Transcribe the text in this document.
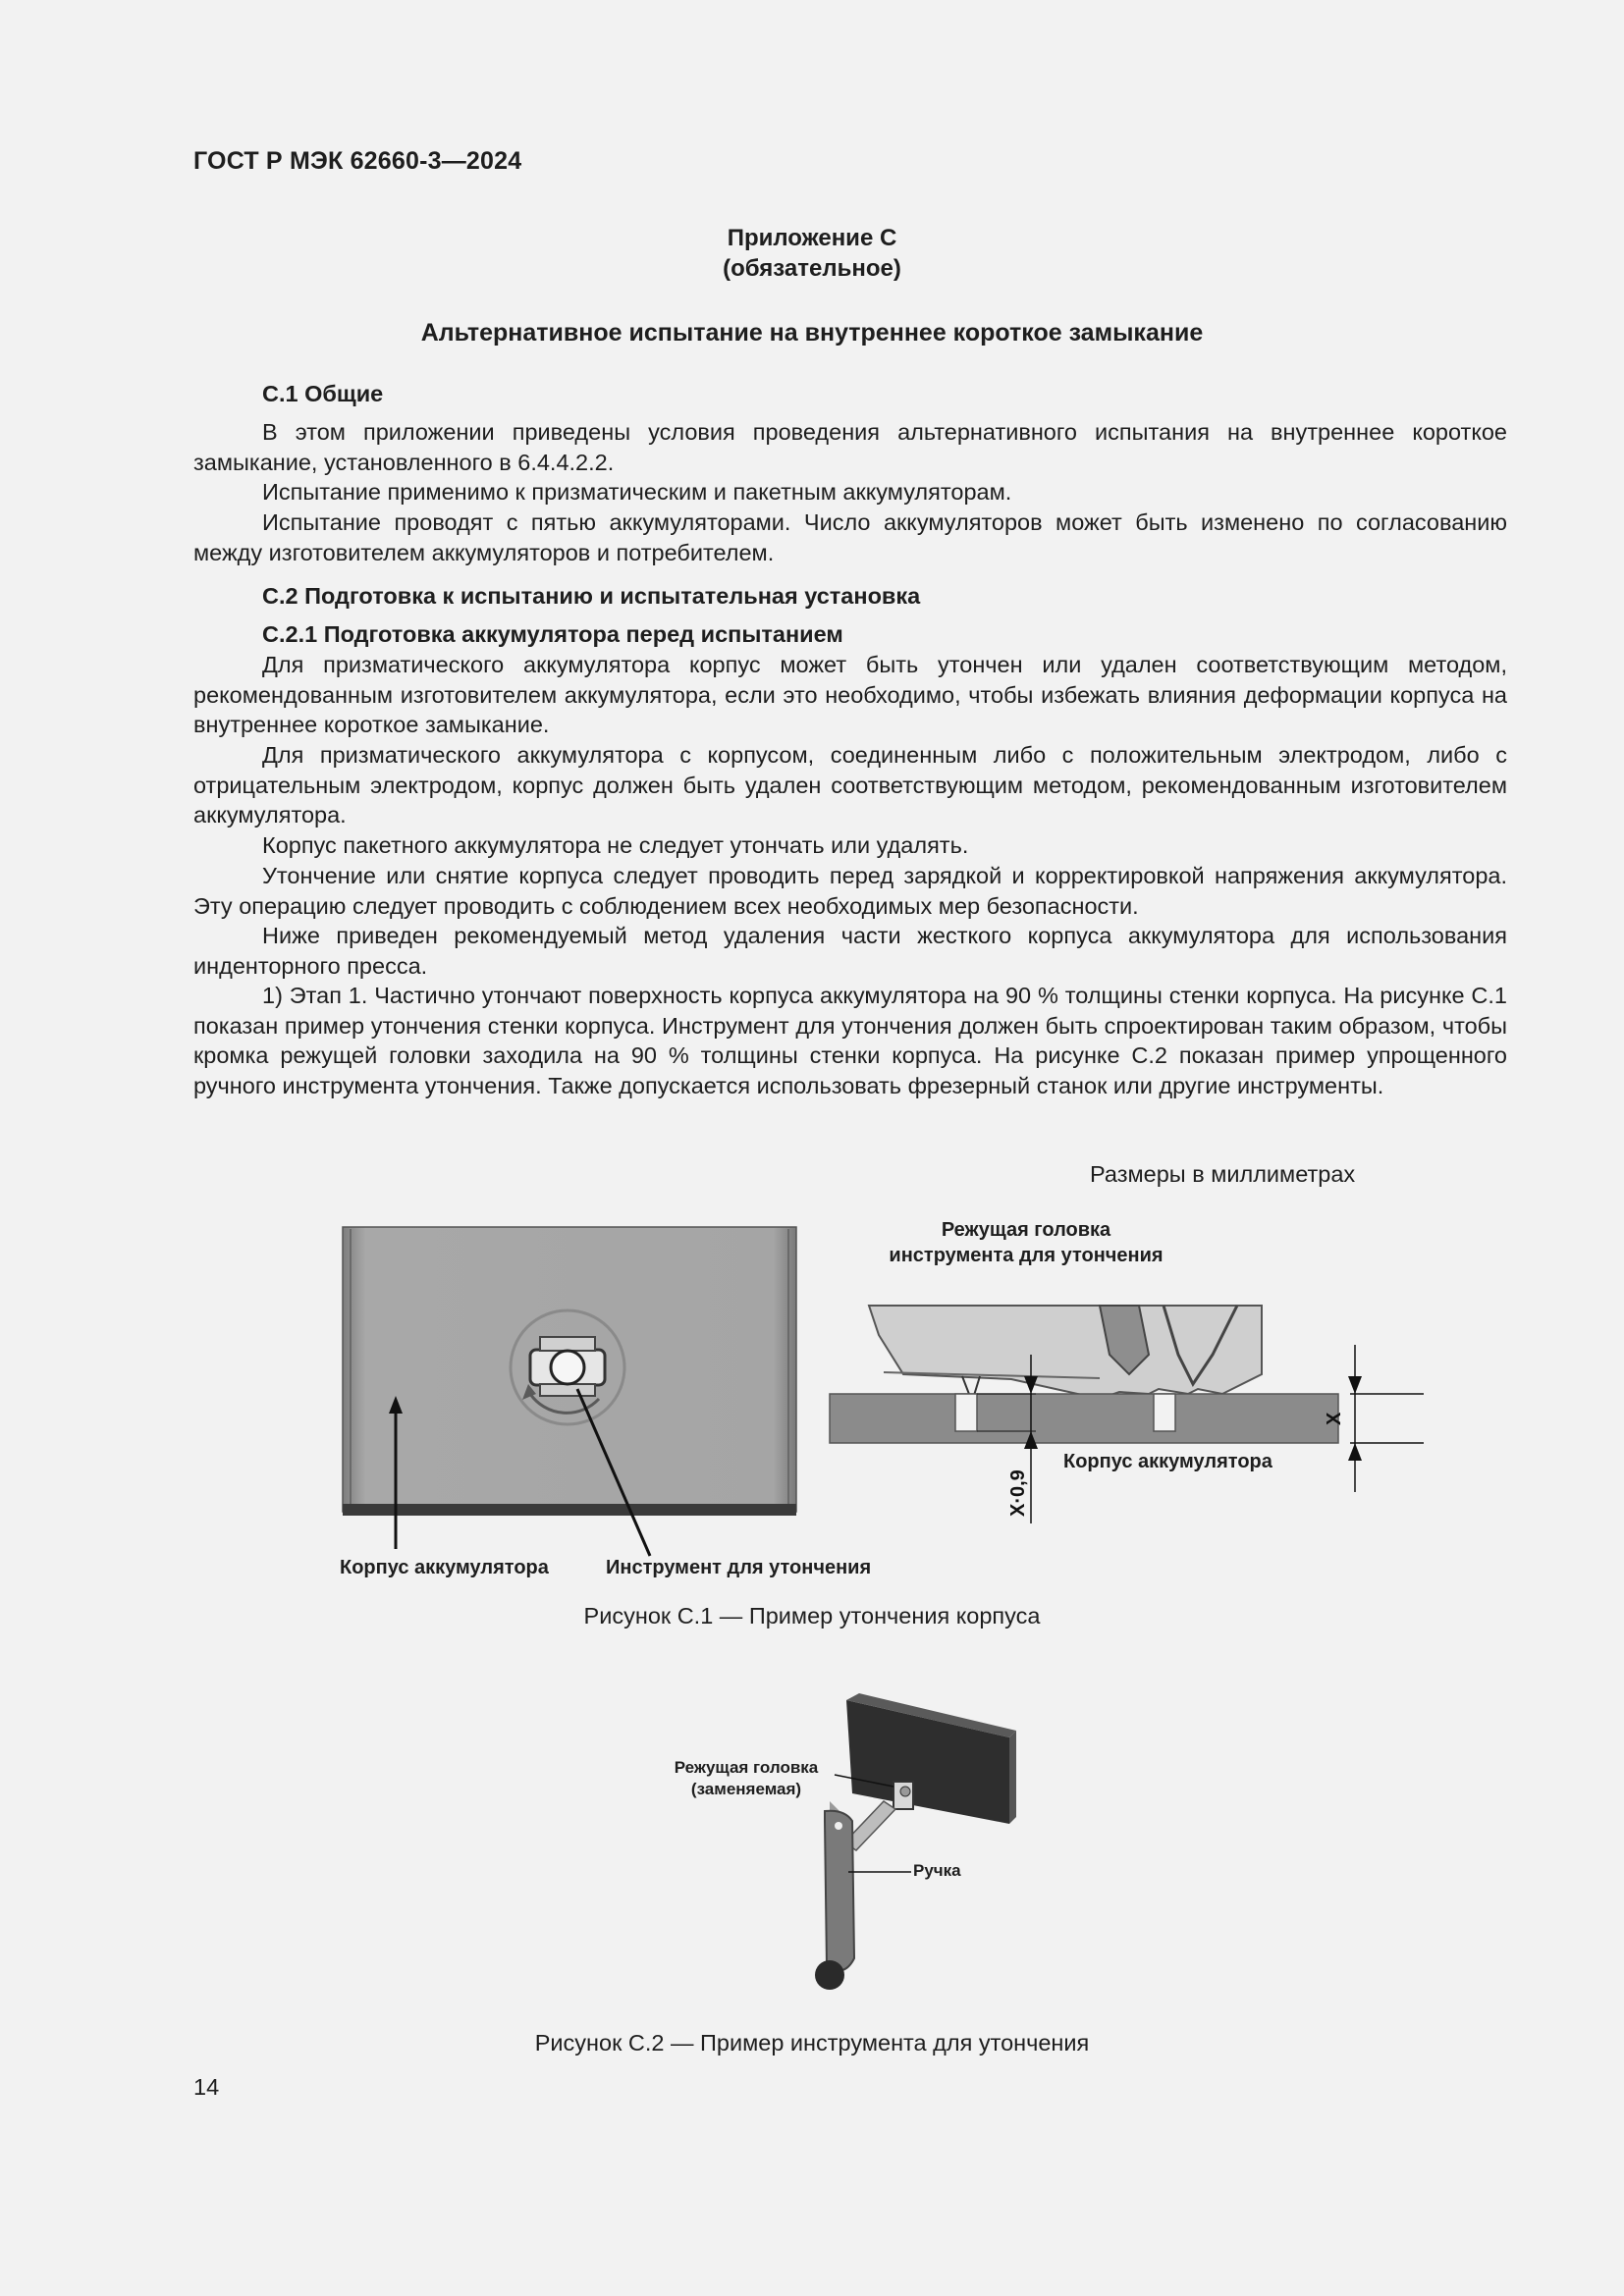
ГОСТ Р МЭК 62660-3—2024
Приложение С
(обязательное)
Альтернативное испытание на внутреннее короткое замыкание
С.1 Общие

В этом приложении приведены условия проведения альтернативного испытания на внутреннее короткое замыкание, установленного в 6.4.4.2.2.

Испытание применимо к призматическим и пакетным аккумуляторам.

Испытание проводят с пятью аккумуляторами. Число аккумуляторов может быть изменено по согласованию между изготовителем аккумуляторов и потребителем.

С.2 Подготовка к испытанию и испытательная установка
С.2.1 Подготовка аккумулятора перед испытанием

Для призматического аккумулятора корпус может быть утончен или удален соответствующим методом, рекомендованным изготовителем аккумулятора, если это необходимо, чтобы избежать влияния деформации корпуса на внутреннее короткое замыкание.

Для призматического аккумулятора с корпусом, соединенным либо с положительным электродом, либо с отрицательным электродом, корпус должен быть удален соответствующим методом, рекомендованным изготовителем аккумулятора.

Корпус пакетного аккумулятора не следует утончать или удалять.

Утончение или снятие корпуса следует проводить перед зарядкой и корректировкой напряжения аккумулятора. Эту операцию следует проводить с соблюдением всех необходимых мер безопасности.

Ниже приведен рекомендуемый метод удаления части жесткого корпуса аккумулятора для использования инденторного пресса.

1) Этап 1. Частично утончают поверхность корпуса аккумулятора на 90 % толщины стенки корпуса. На рисунке С.1 показан пример утончения стенки корпуса. Инструмент для утончения должен быть спроектирован таким образом, чтобы кромка режущей головки заходила на 90 % толщины стенки корпуса. На рисунке С.2 показан пример упрощенного ручного инструмента утончения. Также допускается использовать фрезерный станок или другие инструменты.

Размеры в миллиметрах
Корпус аккумулятора	Инструмент для утончения
Режущая головка
инструмента для утончения
X
X·0,9
Корпус аккумулятора
Рисунок С.1 — Пример утончения корпуса
Режущая головка
(заменяемая)
Ручка
Рисунок С.2 — Пример инструмента для утончения
14
